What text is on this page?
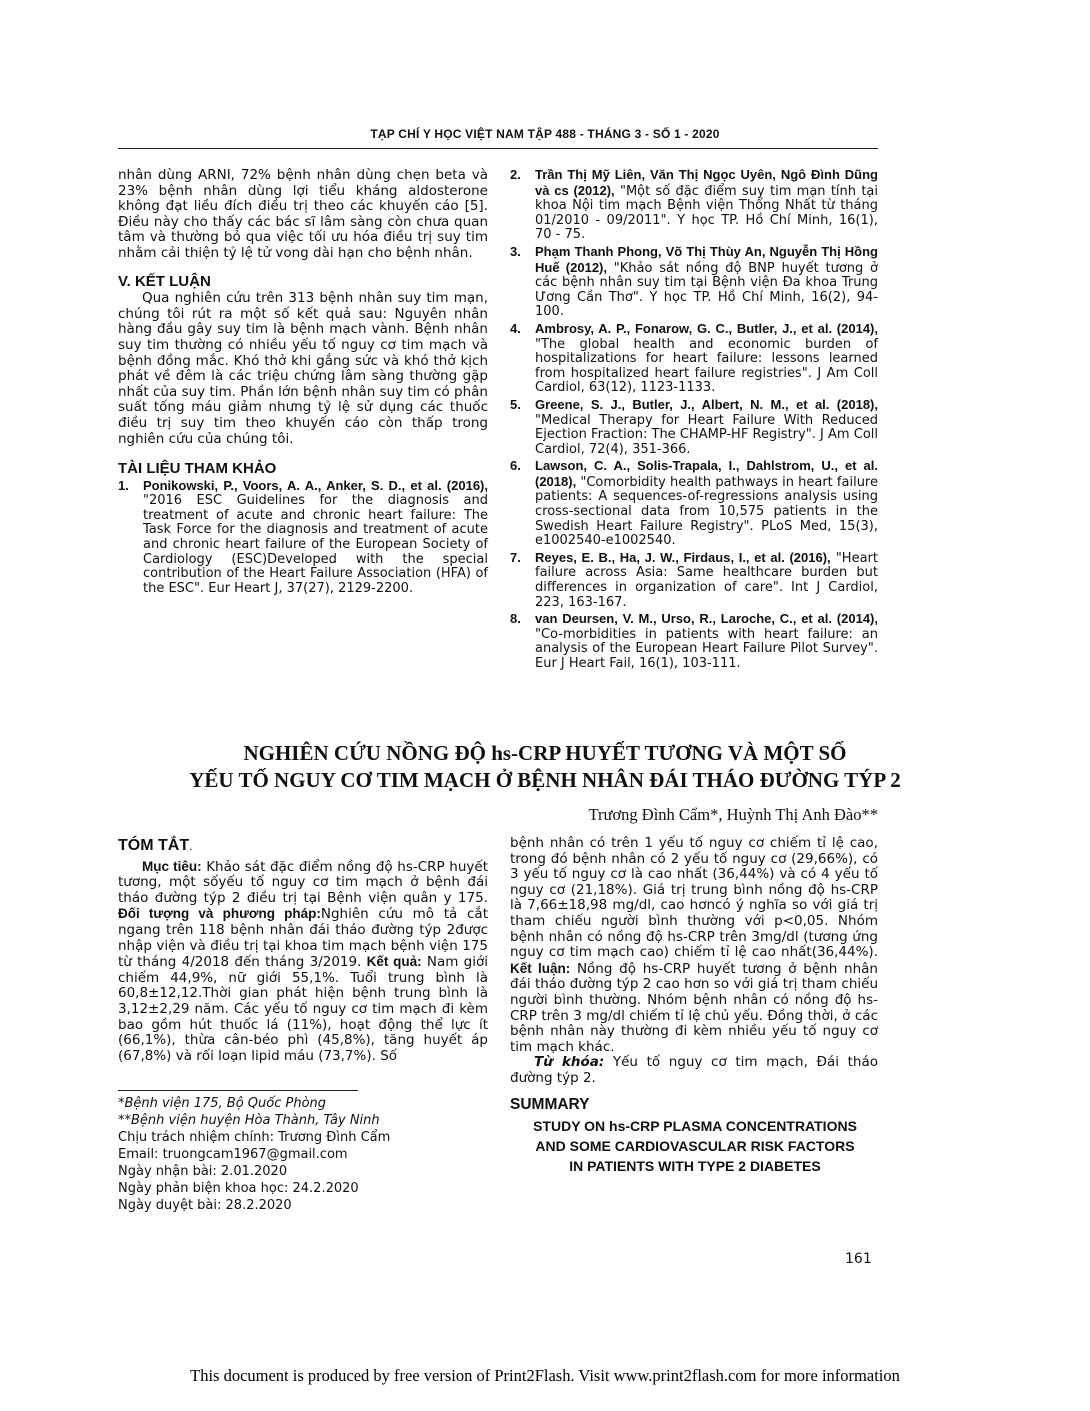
TẠP CHÍ Y HỌC VIỆT NAM TẬP 488 - THÁNG 3 - SỐ 1 - 2020

nhân dùng ARNI, 72% bệnh nhân dùng chẹn beta và 23% bệnh nhân dùng lợi tiểu kháng aldosterone không đạt liều đích điều trị theo các khuyến cáo [5]. Điều này cho thấy các bác sĩ lâm sàng còn chưa quan tâm và thường bỏ qua việc tối ưu hóa điều trị suy tim nhằm cải thiện tỷ lệ tử vong dài hạn cho bệnh nhân.

V. KẾT LUẬN

Qua nghiên cứu trên 313 bệnh nhân suy tim mạn, chúng tôi rút ra một số kết quả sau: Nguyên nhân hàng đầu gây suy tim là bệnh mạch vành. Bệnh nhân suy tim thường có nhiều yếu tố nguy cơ tim mạch và bệnh đồng mắc. Khó thở khi gắng sức và khó thở kịch phát về đêm là các triệu chứng lâm sàng thường gặp nhất của suy tim. Phần lớn bệnh nhân suy tim có phân suất tống máu giảm nhưng tỷ lệ sử dụng các thuốc điều trị suy tim theo khuyến cáo còn thấp trong nghiên cứu của chúng tôi.

TÀI LIỆU THAM KHẢO
1. Ponikowski, P., Voors, A. A., Anker, S. D., et al. (2016), "2016 ESC Guidelines for the diagnosis and treatment of acute and chronic heart failure: The Task Force for the diagnosis and treatment of acute and chronic heart failure of the European Society of Cardiology (ESC)Developed with the special contribution of the Heart Failure Association (HFA) of the ESC". Eur Heart J, 37(27), 2129-2200.
2. Trần Thị Mỹ Liên, Văn Thị Ngọc Uyên, Ngô Đình Dũng và cs (2012), "Một số đặc điểm suy tim mạn tính tại khoa Nội tim mạch Bệnh viện Thống Nhất từ tháng 01/2010 - 09/2011". Y học TP. Hồ Chí Minh, 16(1), 70 - 75.
3. Phạm Thanh Phong, Võ Thị Thùy An, Nguyễn Thị Hồng Huế (2012), "Khảo sát nồng độ BNP huyết tương ở các bệnh nhân suy tim tại Bệnh viện Đa khoa Trung Ương Cần Thơ". Y học TP. Hồ Chí Minh, 16(2), 94-100.
4. Ambrosy, A. P., Fonarow, G. C., Butler, J., et al. (2014), "The global health and economic burden of hospitalizations for heart failure: lessons learned from hospitalized heart failure registries". J Am Coll Cardiol, 63(12), 1123-1133.
5. Greene, S. J., Butler, J., Albert, N. M., et al. (2018), "Medical Therapy for Heart Failure With Reduced Ejection Fraction: The CHAMP-HF Registry". J Am Coll Cardiol, 72(4), 351-366.
6. Lawson, C. A., Solis-Trapala, I., Dahlstrom, U., et al. (2018), "Comorbidity health pathways in heart failure patients: A sequences-of-regressions analysis using cross-sectional data from 10,575 patients in the Swedish Heart Failure Registry". PLoS Med, 15(3), e1002540-e1002540.
7. Reyes, E. B., Ha, J. W., Firdaus, I., et al. (2016), "Heart failure across Asia: Same healthcare burden but differences in organization of care". Int J Cardiol, 223, 163-167.
8. van Deursen, V. M., Urso, R., Laroche, C., et al. (2014), "Co-morbidities in patients with heart failure: an analysis of the European Heart Failure Pilot Survey". Eur J Heart Fail, 16(1), 103-111.
NGHIÊN CỨU NỒNG ĐỘ hs-CRP HUYẾT TƯƠNG VÀ MỘT SỐ
YẾU TỐ NGUY CƠ TIM MẠCH Ở BỆNH NHÂN ĐÁI THÁO ĐƯỜNG TÝP 2
Trương Đình Cẩm*, Huỳnh Thị Anh Đào**
TÓM TẮT.

Mục tiêu: Khảo sát đặc điểm nồng độ hs-CRP huyết tương, một sốyếu tố nguy cơ tim mạch ở bệnh đái tháo đường týp 2 điều trị tại Bệnh viện quân y 175. Đối tượng và phương pháp:Nghiên cứu mô tả cắt ngang trên 118 bệnh nhân đái tháo đường týp 2được nhập viện và điều trị tại khoa tim mạch bệnh viện 175 từ tháng 4/2018 đến tháng 3/2019. Kết quả: Nam giới chiếm 44,9%, nữ giới 55,1%. Tuổi trung bình là 60,8±12,12.Thời gian phát hiện bệnh trung bình là 3,12±2,29 năm. Các yếu tố nguy cơ tim mạch đi kèm bao gồm hút thuốc lá (11%), hoạt động thể lực ít (66,1%), thừa cân-béo phì (45,8%), tăng huyết áp (67,8%) và rối loạn lipid máu (73,7%). Số

*Bệnh viện 175, Bộ Quốc Phòng
**Bệnh viện huyện Hòa Thành, Tây Ninh
Chịu trách nhiệm chính: Trương Đình Cẩm
Email: truongcam1967@gmail.com
Ngày nhận bài: 2.01.2020
Ngày phản biện khoa học: 24.2.2020
Ngày duyệt bài: 28.2.2020

bệnh nhân có trên 1 yếu tố nguy cơ chiếm tỉ lệ cao, trong đó bệnh nhân có 2 yếu tố nguy cơ (29,66%), có 3 yếu tố nguy cơ là cao nhất (36,44%) và có 4 yếu tố nguy cơ (21,18%). Giá trị trung bình nồng độ hs-CRP là 7,66±18,98 mg/dl, cao hơncó ý nghĩa so với giá trị tham chiếu người bình thường với p<0,05. Nhóm bệnh nhân có nồng độ hs-CRP trên 3mg/dl (tương ứng nguy cơ tim mạch cao) chiếm tỉ lệ cao nhất(36,44%). Kết luận: Nồng độ hs-CRP huyết tương ở bệnh nhân đái tháo đường týp 2 cao hơn so với giá trị tham chiếu người bình thường. Nhóm bệnh nhân có nồng độ hs-CRP trên 3 mg/dl chiếm tỉ lệ chủ yếu. Đồng thời, ở các bệnh nhân này thường đi kèm nhiều yếu tố nguy cơ tim mạch khác.

Từ khóa: Yếu tố nguy cơ tim mạch, Đái tháo đường týp 2.

SUMMARY
STUDY ON hs-CRP PLASMA CONCENTRATIONS AND SOME CARDIOVASCULAR RISK FACTORS IN PATIENTS WITH TYPE 2 DIABETES
161
This document is produced by free version of Print2Flash. Visit www.print2flash.com for more information
